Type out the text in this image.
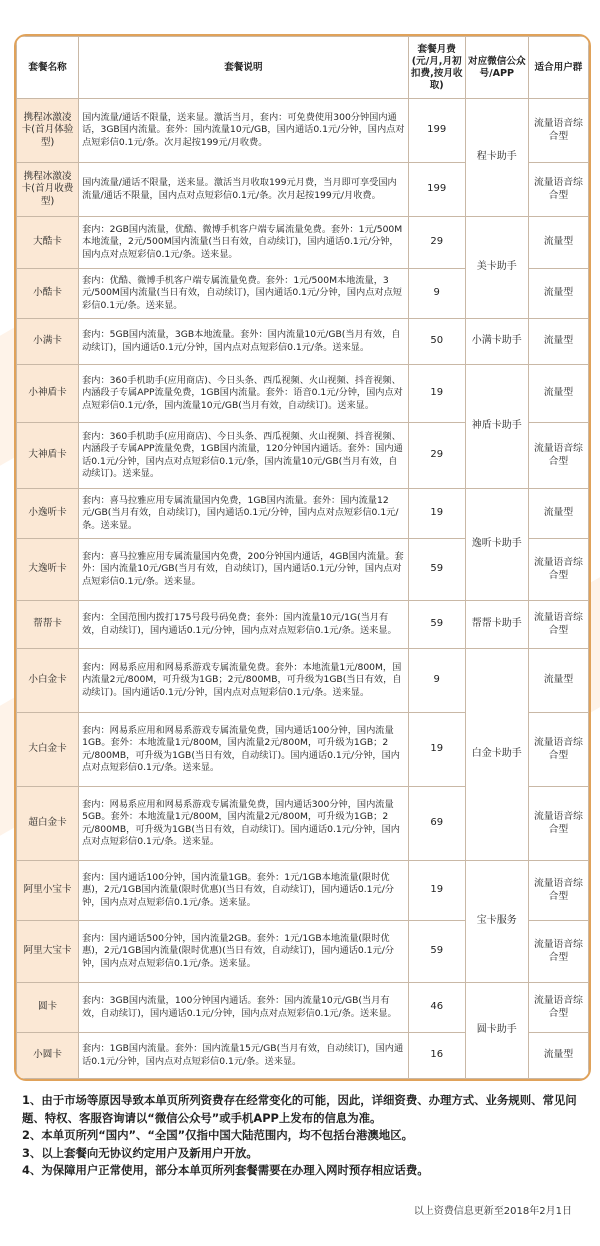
套餐名称	套餐说明	套餐月费(元/月,月初扣费,按月收取)	对应微信公众号/APP	适合用户群
携程冰激凌卡(首月体验型)	国内流量/通话不限量，送来显。激活当月，套内：可免费使用300分钟国内通话，3GB国内流量。套外：国内流量10元/GB，国内通话0.1元/分钟，国内点对点短彩信0.1元/条。次月起按199元/月收费。	199	程卡助手	流量语音综合型
携程冰激凌卡(首月收费型)	国内流量/通话不限量，送来显。激活当月收取199元月费，当月即可享受国内流量/通话不限量，国内点对点短彩信0.1元/条。次月起按199元/月收费。	199		流量语音综合型
大酷卡	套内：2GB国内流量，优酷、微博手机客户端专属流量免费。套外：1元/500M本地流量，2元/500M国内流量(当日有效，自动续订)，国内通话0.1元/分钟，国内点对点短彩信0.1元/条。送来显。	29	美卡助手	流量型
小酷卡	套内：优酷、微博手机客户端专属流量免费。套外：1元/500M本地流量，3元/500M国内流量(当日有效，自动续订)，国内通话0.1元/分钟，国内点对点短彩信0.1元/条。送来显。	9		流量型
小满卡	套内：5GB国内流量，3GB本地流量。套外：国内流量10元/GB(当月有效，自动续订)，国内通话0.1元/分钟，国内点对点短彩信0.1元/条。送来显。	50	小满卡助手	流量型
小神盾卡	套内：360手机助手(应用商店)、今日头条、西瓜视频、火山视频、抖音视频、内涵段子专属APP流量免费，1GB国内流量。套外：语音0.1元/分钟，国内点对点短彩信0.1元/条，国内流量10元/GB(当月有效，自动续订)。送来显。	19	神盾卡助手	流量型
大神盾卡	套内：360手机助手(应用商店)、今日头条、西瓜视频、火山视频、抖音视频、内涵段子专属APP流量免费，1GB国内流量，120分钟国内通话。套外：国内通话0.1元/分钟，国内点对点短彩信0.1元/条，国内流量10元/GB(当月有效，自动续订)。送来显。	29		流量语音综合型
小逸听卡	套内：喜马拉雅应用专属流量国内免费，1GB国内流量。套外：国内流量12元/GB(当月有效，自动续订)，国内通话0.1元/分钟，国内点对点短彩信0.1元/条。送来显。	19	逸听卡助手	流量型
大逸听卡	套内：喜马拉雅应用专属流量国内免费，200分钟国内通话，4GB国内流量。套外：国内流量10元/GB(当月有效，自动续订)，国内通话0.1元/分钟，国内点对点短彩信0.1元/条。送来显。	59		流量语音综合型
帮帮卡	套内：全国范围内拨打175号段号码免费；套外：国内流量10元/1G(当月有效，自动续订)，国内通话0.1元/分钟，国内点对点短彩信0.1元/条。送来显。	59	帮帮卡助手	流量语音综合型
小白金卡	套内：网易系应用和网易系游戏专属流量免费。套外：本地流量1元/800M，国内流量2元/800M，可升级为1GB；2元/800MB，可升级为1GB(当日有效，自动续订)。国内通话0.1元/分钟，国内点对点短彩信0.1元/条。送来显。	9	白金卡助手	流量型
大白金卡	套内：网易系应用和网易系游戏专属流量免费，国内通话100分钟，国内流量1GB。套外：本地流量1元/800M，国内流量2元/800M，可升级为1GB；2元/800MB，可升级为1GB(当日有效，自动续订)。国内通话0.1元/分钟，国内点对点短彩信0.1元/条。送来显。	19		流量语音综合型
超白金卡	套内：网易系应用和网易系游戏专属流量免费，国内通话300分钟，国内流量5GB。套外：本地流量1元/800M，国内流量2元/800M，可升级为1GB；2元/800MB，可升级为1GB(当日有效，自动续订)。国内通话0.1元/分钟，国内点对点短彩信0.1元/条。送来显。	69		流量语音综合型
阿里小宝卡	套内：国内通话100分钟，国内流量1GB。套外：1元/1GB本地流量(限时优惠)，2元/1GB国内流量(限时优惠)(当日有效，自动续订)，国内通话0.1元/分钟，国内点对点短彩信0.1元/条。送来显。	19	宝卡服务	流量语音综合型
阿里大宝卡	套内：国内通话500分钟，国内流量2GB。套外：1元/1GB本地流量(限时优惠)，2元/1GB国内流量(限时优惠)(当日有效，自动续订)，国内通话0.1元/分钟，国内点对点短彩信0.1元/条。送来显。	59		流量语音综合型
圆卡	套内：3GB国内流量，100分钟国内通话。套外：国内流量10元/GB(当月有效，自动续订)，国内通话0.1元/分钟，国内点对点短彩信0.1元/条。送来显。	46	圆卡助手	流量语音综合型
小圆卡	套内：1GB国内流量。套外：国内流量15元/GB(当月有效，自动续订)，国内通话0.1元/分钟，国内点对点短彩信0.1元/条。送来显。	16		流量型
1、由于市场等原因导致本单页所列资费存在经常变化的可能，因此，详细资费、办理方式、业务规则、常见问题、特权、客服咨询请以“微信公众号”或手机APP上发布的信息为准。
2、本单页所列“国内”、“全国”仅指中国大陆范围内，均不包括台港澳地区。
3、以上套餐向无协议约定用户及新用户开放。
4、为保障用户正常使用，部分本单页所列套餐需要在办理入网时预存相应话费。
以上资费信息更新至2018年2月1日
